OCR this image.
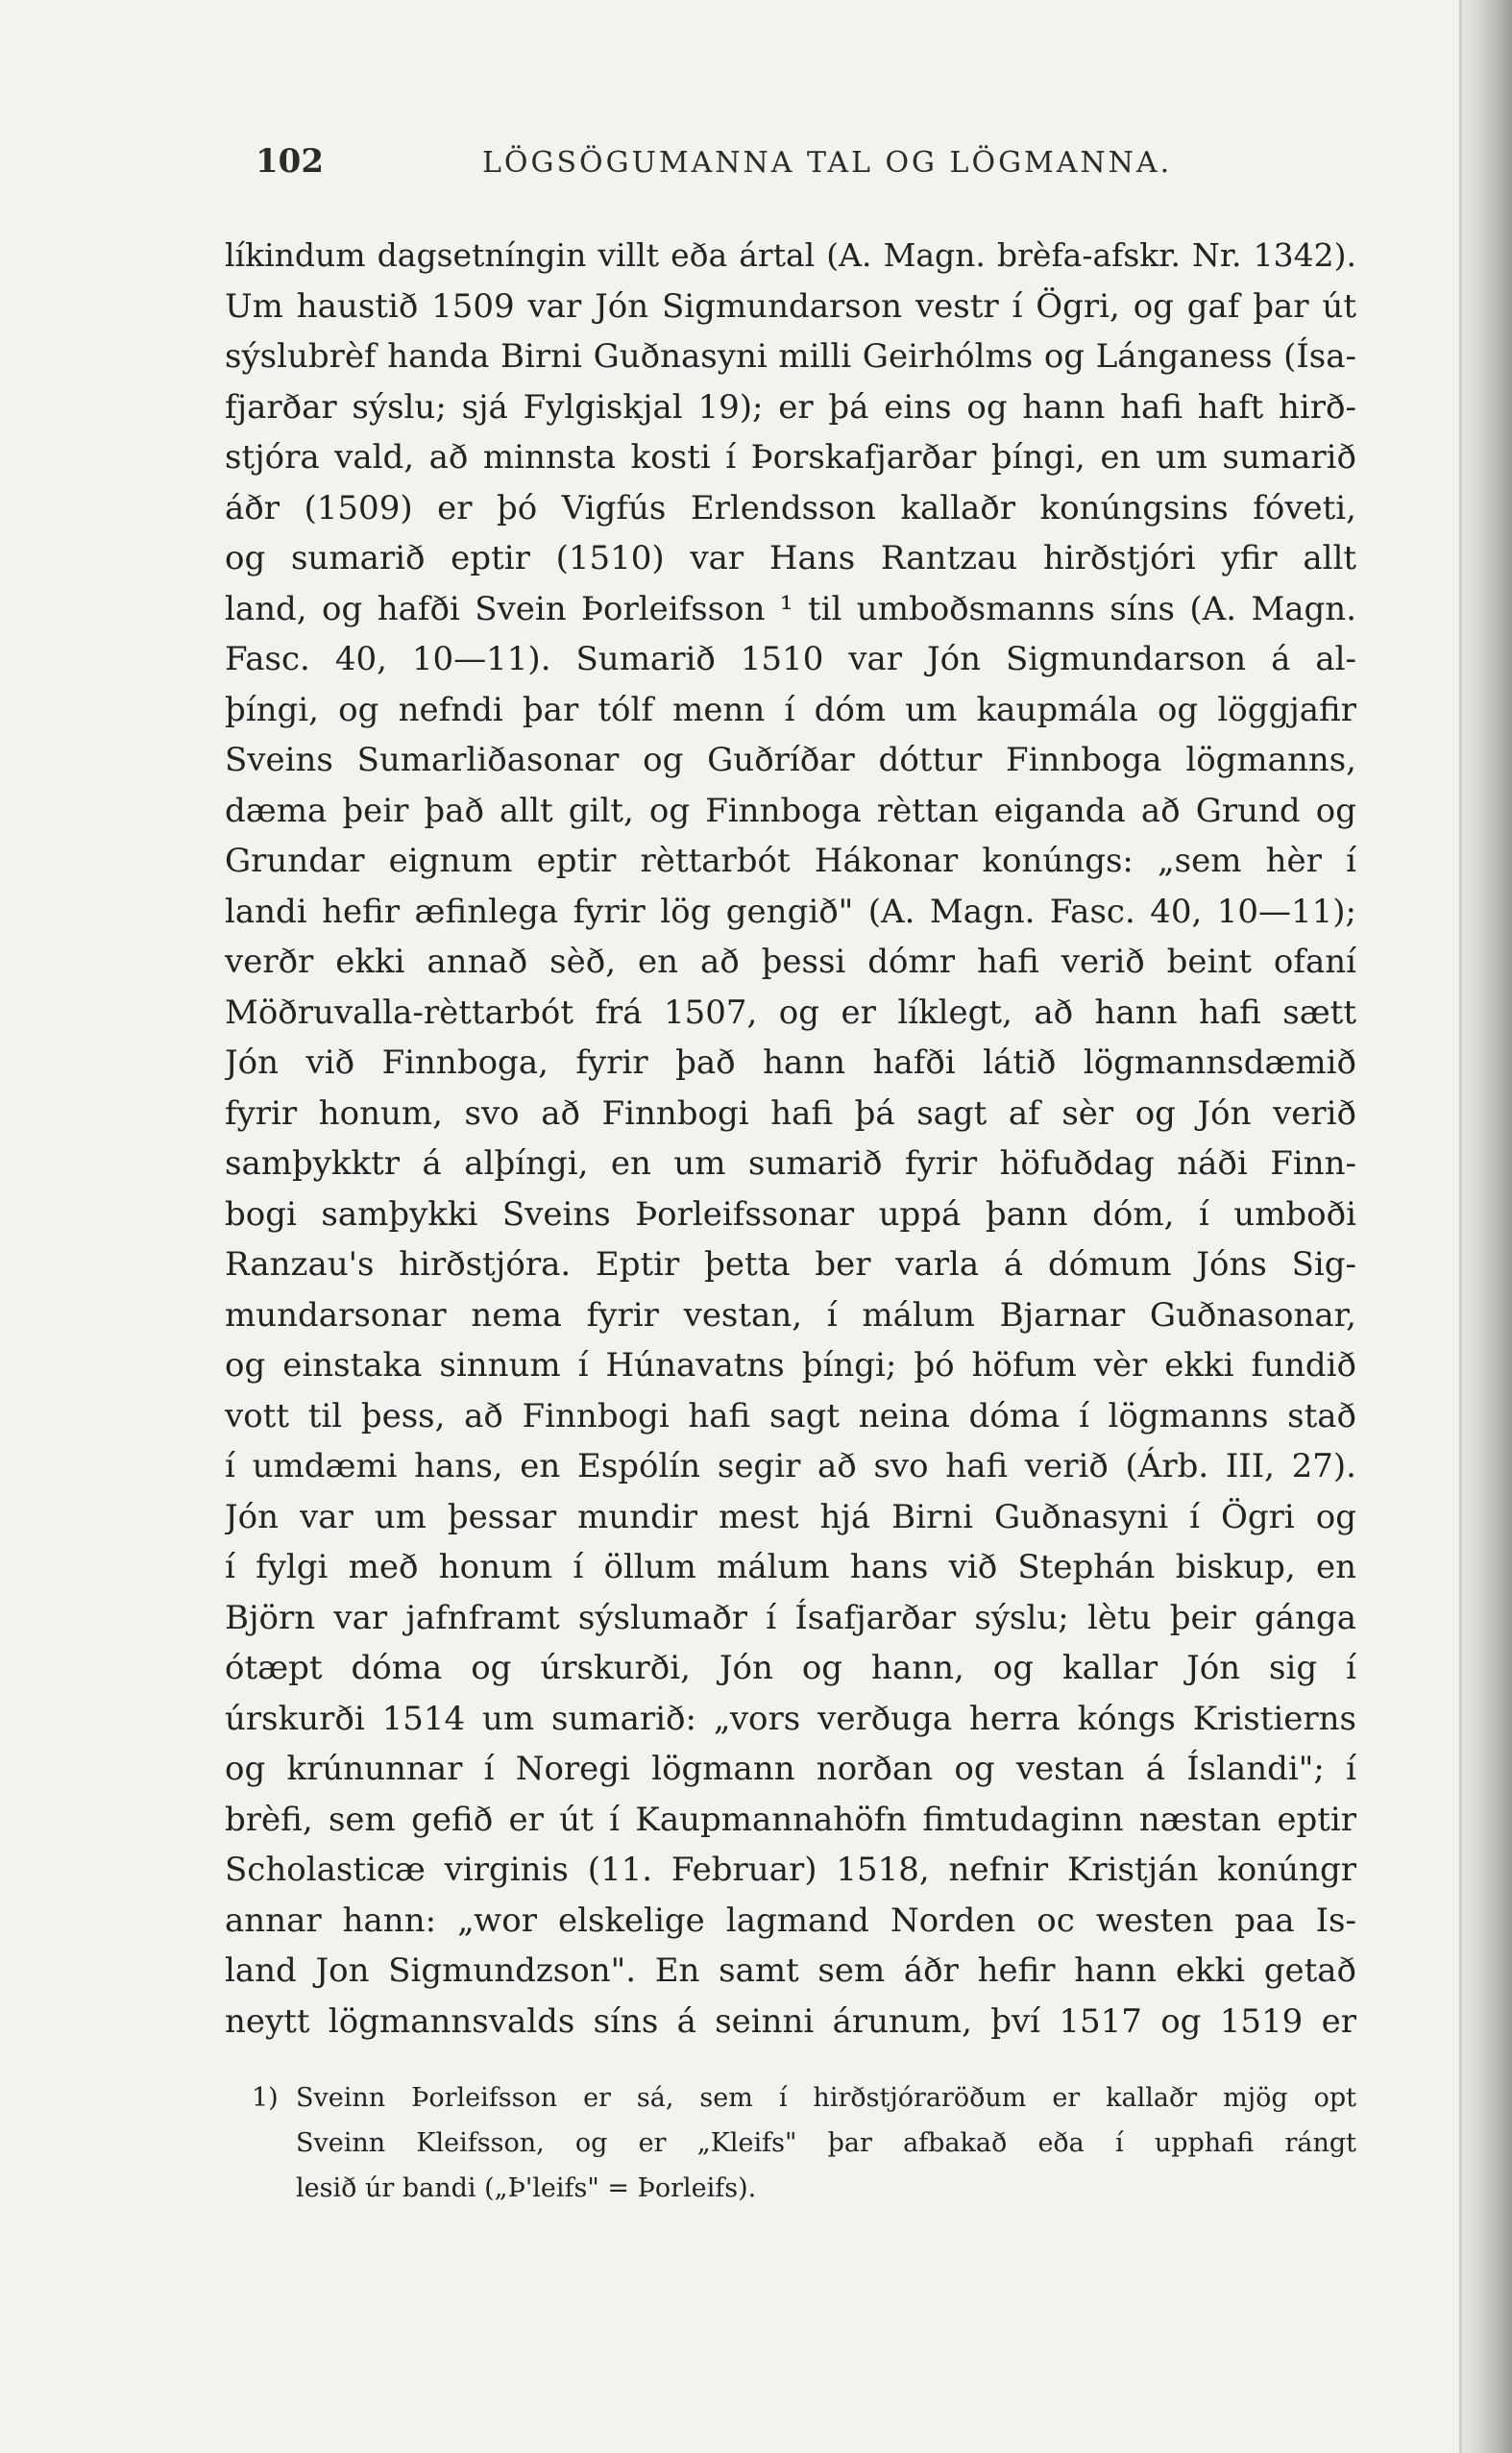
102	LÖGSÖGUMANNA TAL OG LÖGMANNA.
líkindum dagsetníngin villt eða ártal (A. Magn. brèfa-afskr. Nr. 1342).
Um haustið 1509 var Jón Sigmundarson vestr í Ögri, og gaf þar út
sýslubrèf handa Birni Guðnasyni milli Geirhólms og Lánganess (Ísa-
fjarðar sýslu; sjá Fylgiskjal 19); er þá eins og hann hafi haft hirð-
stjóra vald, að minnsta kosti í Þorskafjarðar þíngi, en um sumarið
áðr (1509) er þó Vigfús Erlendsson kallaðr konúngsins fóveti,
og sumarið eptir (1510) var Hans Rantzau hirðstjóri yfir allt
land, og hafði Svein Þorleifsson ¹ til umboðsmanns síns (A. Magn.
Fasc. 40, 10—11). Sumarið 1510 var Jón Sigmundarson á al-
þíngi, og nefndi þar tólf menn í dóm um kaupmála og löggjafir
Sveins Sumarliðasonar og Guðríðar dóttur Finnboga lögmanns,
dæma þeir það allt gilt, og Finnboga rèttan eiganda að Grund og
Grundar eignum eptir rèttarbót Hákonar konúngs: „sem hèr í
landi hefir æfinlega fyrir lög gengið" (A. Magn. Fasc. 40, 10—11);
verðr ekki annað sèð, en að þessi dómr hafi verið beint ofaní
Möðruvalla-rèttarbót frá 1507, og er líklegt, að hann hafi sætt
Jón við Finnboga, fyrir það hann hafði látið lögmannsdæmið
fyrir honum, svo að Finnbogi hafi þá sagt af sèr og Jón verið
samþykktr á alþíngi, en um sumarið fyrir höfuðdag náði Finn-
bogi samþykki Sveins Þorleifssonar uppá þann dóm, í umboði
Ranzau's hirðstjóra. Eptir þetta ber varla á dómum Jóns Sig-
mundarsonar nema fyrir vestan, í málum Bjarnar Guðnasonar,
og einstaka sinnum í Húnavatns þíngi; þó höfum vèr ekki fundið
vott til þess, að Finnbogi hafi sagt neina dóma í lögmanns stað
í umdæmi hans, en Espólín segir að svo hafi verið (Árb. III, 27).
Jón var um þessar mundir mest hjá Birni Guðnasyni í Ögri og
í fylgi með honum í öllum málum hans við Stephán biskup, en
Björn var jafnframt sýslumaðr í Ísafjarðar sýslu; lètu þeir gánga
ótæpt dóma og úrskurði, Jón og hann, og kallar Jón sig í
úrskurði 1514 um sumarið: „vors verðuga herra kóngs Kristierns
og krúnunnar í Noregi lögmann norðan og vestan á Íslandi"; í
brèfi, sem gefið er út í Kaupmannahöfn fimtudaginn næstan eptir
Scholasticæ virginis (11. Februar) 1518, nefnir Kristján konúngr
annar hann: „wor elskelige lagmand Norden oc westen paa Is-
land Jon Sigmundzson". En samt sem áðr hefir hann ekki getað
neytt lögmannsvalds síns á seinni árunum, því 1517 og 1519 er
1) Sveinn Þorleifsson er sá, sem í hirðstjóraröðum er kallaðr mjög opt
Sveinn Kleifsson, og er „Kleifs" þar afbakað eða í upphafi rángt
lesið úr bandi („Þ'leifs" = Þorleifs).
